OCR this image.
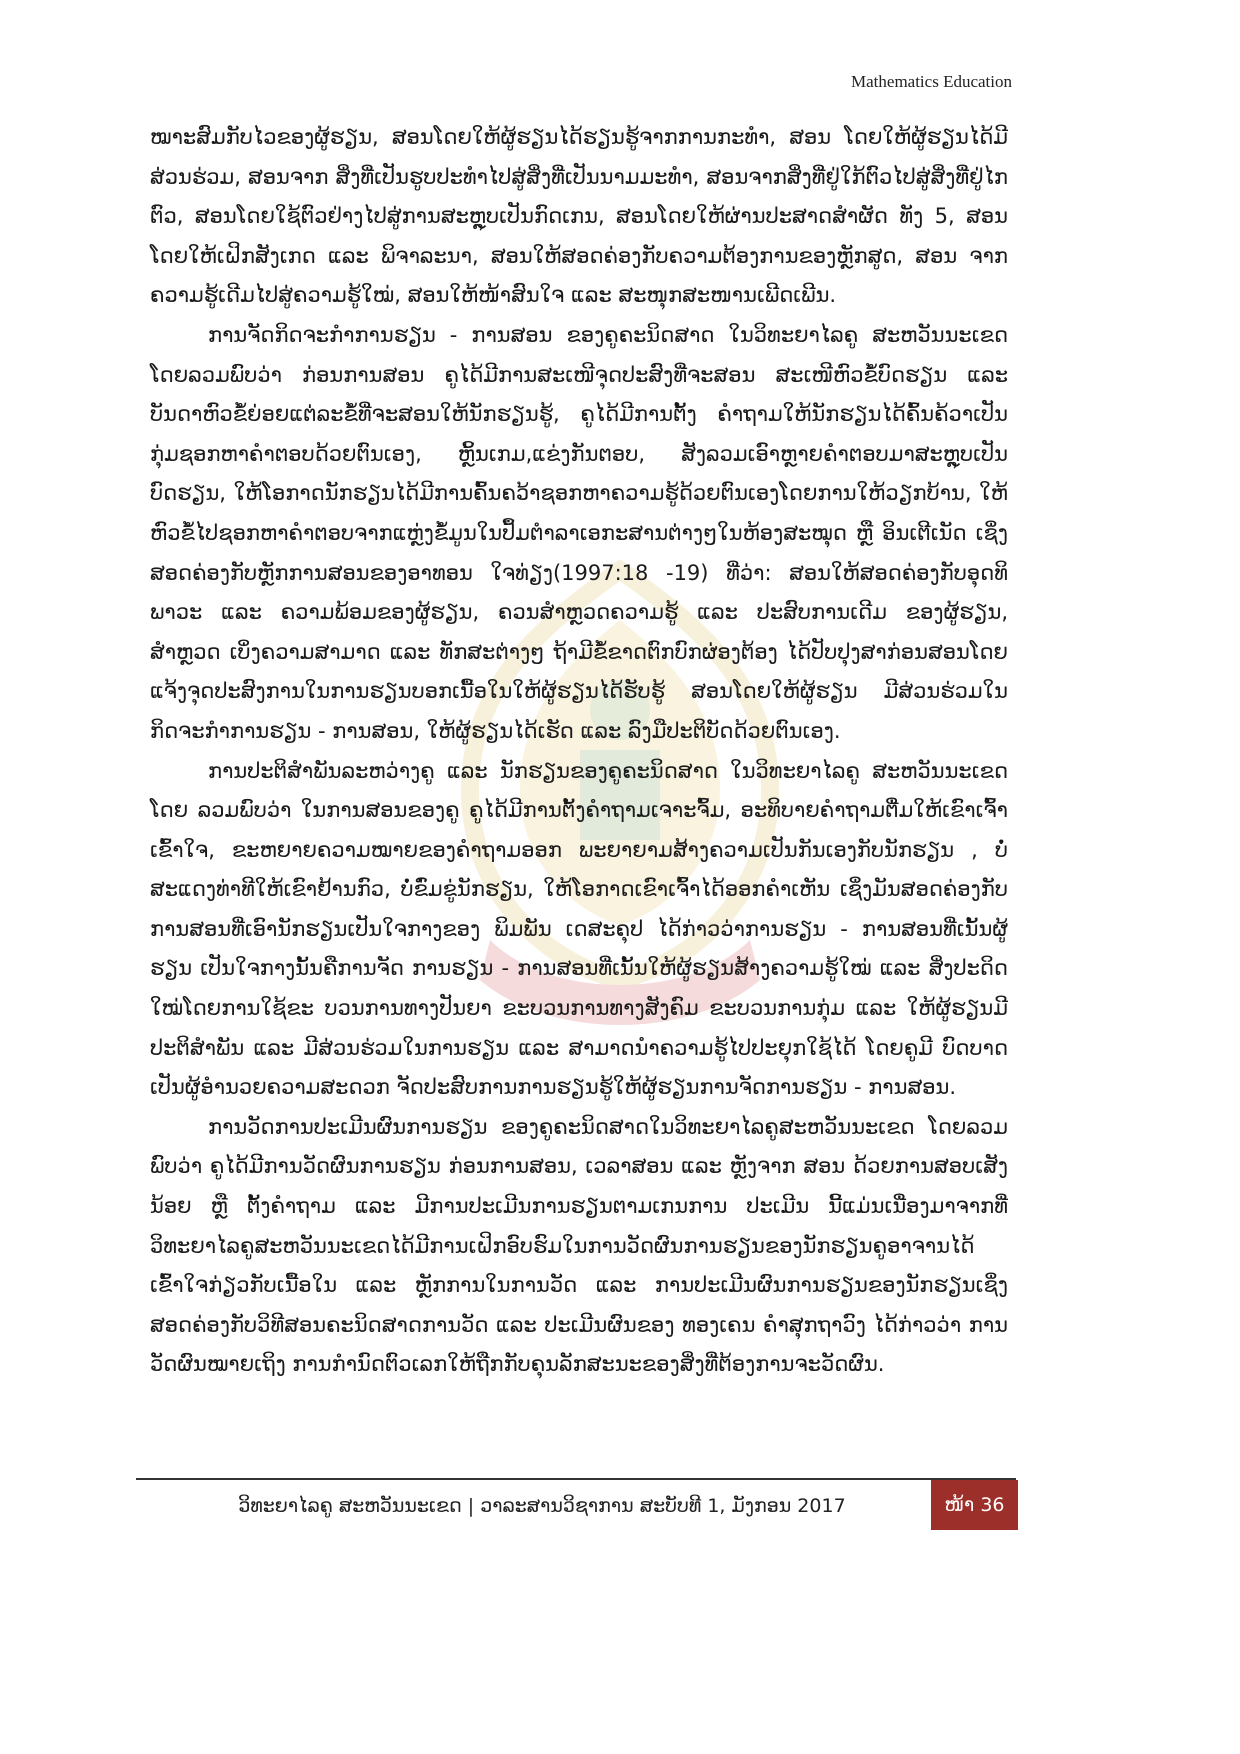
Mathematics Education

ໝາະສົມກັບໄວຂອງຜູ້ຮຽນ, ສອນໂດຍໃຫ້ຜູ້ຮຽນໄດ້ຮຽນຮູ້ຈາກການກະທຳ, ສອນ ໂດຍໃຫ້ຜູ້ຮຽນໄດ້ມີສ່ວນຮ່ວມ, ສອນຈາກ ສິ່ງທີ່ເປັນຮູບປະທຳໄປສູ່ສິ່ງທີ່ເປັນນາມມະທຳ, ສອນຈາກສິ່ງທີ່ຢູ່ໃກ້ຕົວໄປສູ່ສິ່ງທີ່ຢູ່ໄກຕົວ, ສອນໂດຍໃຊ້ຕົວຢ່າງໄປສູ່ການສະຫຼຸບເປັນກົດເກນ, ສອນໂດຍໃຫ້ຜ່ານປະສາດສຳຜັດ ທັງ 5, ສອນໂດຍໃຫ້ເຝິກສັງເກດ ແລະ ພິຈາລະນາ, ສອນໃຫ້ສອດຄ່ອງກັບຄວາມຕ້ອງການຂອງຫຼັກສູດ, ສອນ ຈາກຄວາມຮູ້ເດີມໄປສູ່ຄວາມຮູ້ໃໝ່, ສອນໃຫ້ໜ້າສົນໃຈ ແລະ ສະໜຸກສະໜານເພີດເພີນ.

ການຈັດກິດຈະກຳການຮຽນ - ການສອນ ຂອງຄູຄະນິດສາດ ໃນວິທະຍາໄລຄູ ສະຫວັນນະເຂດ ໂດຍລວມພົບວ່າ ກ່ອນການສອນ ຄູໄດ້ມີການສະເໜີຈຸດປະສົງທີ່ຈະສອນ ສະເໜີຫົວຂໍ້ບົດຮຽນ ແລະ ບັນດາຫົວຂໍ້ຍ່ອຍແຕ່ລະຂໍ້ທີ່ຈະສອນໃຫ້ນັກຮຽນຮູ້, ຄູໄດ້ມີການຕັ້ງ ຄຳຖາມໃຫ້ນັກຮຽນໄດ້ຄົ້ນຄ້ວາເປັນກຸ່ມຊອກຫາຄຳຕອບດ້ວຍຕົນເອງ, ຫຼິ້ນເກມ,ແຂ່ງກັນຕອບ, ສັງລວມເອົາຫຼາຍຄຳຕອບມາສະຫຼຸບເປັນບົດຮຽນ, ໃຫ້ໂອກາດນັກຮຽນໄດ້ມີການຄົ້ນຄວ້າຊອກຫາຄວາມຮູ້ດ້ວຍຕົນເອງໂດຍການໃຫ້ວຽກບ້ານ, ໃຫ້ຫົວຂໍ້ໄປຊອກຫາຄຳຕອບຈາກແຫຼ່ງຂໍ້ມູນໃນປຶ້ມຕຳລາເອກະສານຕ່າງໆໃນຫ້ອງສະໝຸດ ຫຼື ອິນເຕີເນັດ ເຊິ່ງສອດຄ່ອງກັບຫຼັກການສອນຂອງອາທອນ ໃຈທ່ຽງ(1997:18 -19) ທີ່ວ່າ: ສອນໃຫ້ສອດຄ່ອງກັບອຸດທິພາວະ ແລະ ຄວາມພ້ອມຂອງຜູ້ຮຽນ, ຄວນສຳຫຼວດຄວາມຮູ້ ແລະ ປະສົບການເດີມ ຂອງຜູ້ຮຽນ, ສຳຫຼວດ ເບິ່ງຄວາມສາມາດ ແລະ ທັກສະຕ່າງໆ ຖ້າມີຂໍ້ຂາດຕົກບົກຜ່ອງຕ້ອງ ໄດ້ປັບປຸງສາກ່ອນສອນໂດຍແຈ້ງຈຸດປະສົງການໃນການຮຽນບອກເນື້ອໃນໃຫ້ຜູ້ຮຽນໄດ້ຮັບຮູ້ ສອນໂດຍໃຫ້ຜູ້ຮຽນ ມີສ່ວນຮ່ວມໃນກິດຈະກຳການຮຽນ - ການສອນ, ໃຫ້ຜູ້ຮຽນໄດ້ເຮັດ ແລະ ລົງມືປະຕິບັດດ້ວຍຕົນເອງ.

ການປະຕິສຳພັນລະຫວ່າງຄູ ແລະ ນັກຮຽນຂອງຄູຄະນິດສາດ ໃນວິທະຍາໄລຄູ ສະຫວັນນະເຂດ ໂດຍ ລວມພົບວ່າ ໃນການສອນຂອງຄູ ຄູໄດ້ມີການຕັ້ງຄຳຖາມເຈາະຈົ້ມ, ອະທິບາຍຄຳຖາມຕື່ມໃຫ້ເຂົາເຈົ້າເຂົ້າໃຈ, ຂະຫຍາຍຄວາມໝາຍຂອງຄຳຖາມອອກ ພະຍາຍາມສ້າງຄວາມເປັນກັນເອງກັບນັກຮຽນ , ບໍ່ສະແດງທ່າທີໃຫ້ເຂົາຢ້ານກົວ, ບໍ່ຂົ່ມຂູ່ນັກຮຽນ, ໃຫ້ໂອກາດເຂົາເຈົ້າໄດ້ອອກຄຳເຫັນ ເຊິ່ງມັນສອດຄ່ອງກັບການສອນທີ່ເອົານັກຮຽນເປັນໃຈກາງຂອງ ພິມພັນ ເດສະຄຸປ ໄດ້ກ່າວວ່າການຮຽນ - ການສອນທີ່ເນັ້ນຜູ້ຮຽນ ເປັນໃຈກາງນັ້ນຄືການຈັດ ການຮຽນ - ການສອນທີ່ເນັ້ນໃຫ້ຜູ້ຮຽນສ້າງຄວາມຮູ້ໃໝ່ ແລະ ສິ່ງປະດິດໃໝ່ໂດຍການໃຊ້ຂະ ບວນການທາງປັນຍາ ຂະບວນການທາງສັງຄົມ ຂະບວນການກຸ່ມ ແລະ ໃຫ້ຜູ້ຮຽນມີປະຕິສຳພັນ ແລະ ມີສ່ວນຮ່ວມໃນການຮຽນ ແລະ ສາມາດນຳຄວາມຮູ້ໄປປະຍຸກໃຊ້ໄດ້ ໂດຍຄູມີ ບົດບາດເປັນຜູ້ອຳນວຍຄວາມສະດວກ ຈັດປະສົບການການຮຽນຮູ້ໃຫ້ຜູ້ຮຽນການຈັດການຮຽນ - ການສອນ.

ການວັດການປະເມີນຜົນການຮຽນ ຂອງຄູຄະນິດສາດໃນວິທະຍາໄລຄູສະຫວັນນະເຂດ ໂດຍລວມພົບວ່າ ຄູໄດ້ມີການວັດຜົນການຮຽນ ກ່ອນການສອນ, ເວລາສອນ ແລະ ຫຼັງຈາກ ສອນ ດ້ວຍການສອບເສັງນ້ອຍ ຫຼື ຕັ້ງຄຳຖາມ ແລະ ມີການປະເມີນການຮຽນຕາມເກນການ ປະເມີນ ນີ້ແມ່ນເນື່ອງມາຈາກທີ່ວິທະຍາໄລຄູສະຫວັນນະເຂດໄດ້ມີການເຝິກອົບຮົມໃນການວັດຜົນການຮຽນຂອງນັກຮຽນຄູອາຈານໄດ້ເຂົ້າໃຈກ່ຽວກັບເນື້ອໃນ ແລະ ຫຼັກການໃນການວັດ ແລະ ການປະເມີນຜົນການຮຽນຂອງນັກຮຽນເຊິ່ງສອດຄ່ອງກັບວິທີສອນຄະນິດສາດການວັດ ແລະ ປະເມີນຜົນຂອງ ທອງເຄນ ຄຳສຸກຖາວົງ ໄດ້ກ່າວວ່າ ການວັດຜົນໝາຍເຖິງ ການກຳນົດຕົວເລກໃຫ້ຖືກກັບຄຸນລັກສະນະຂອງສິ່ງທີ່ຕ້ອງການຈະວັດຜົນ.

ວິທະຍາໄລຄູ ສະຫວັນນະເຂດ | ວາລະສານວິຊາການ ສະບັບທີ 1, ມັງກອນ 2017	ໜ້າ 36
